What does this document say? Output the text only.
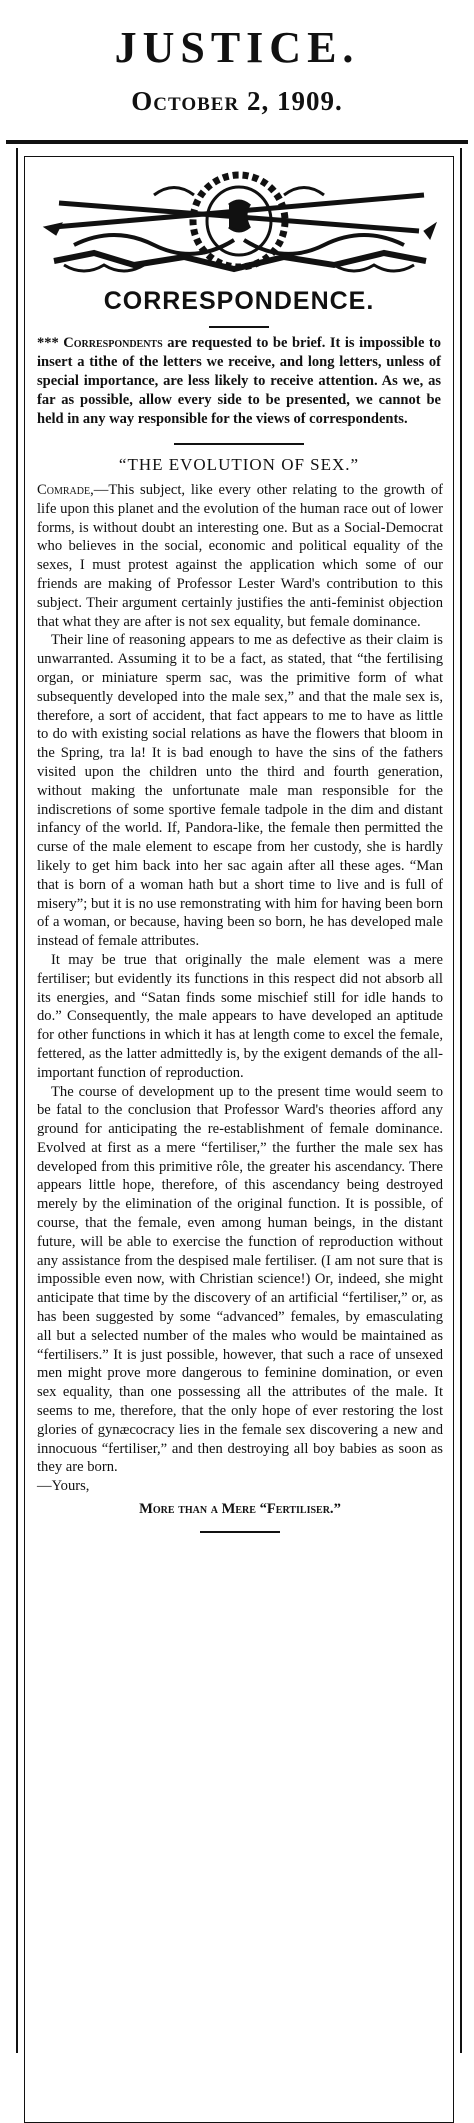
JUSTICE.
October 2, 1909.
CORRESPONDENCE.
*** Correspondents are requested to be brief. It is impossible to insert a tithe of the letters we receive, and long letters, unless of special importance, are less likely to receive attention. As we, as far as possible, allow every side to be presented, we cannot be held in any way responsible for the views of correspondents.
“THE EVOLUTION OF SEX.”

Comrade,—This subject, like every other relating to the growth of life upon this planet and the evolution of the human race out of lower forms, is without doubt an interesting one. But as a Social-Democrat who believes in the social, economic and political equality of the sexes, I must protest against the application which some of our friends are making of Professor Lester Ward's contribution to this subject. Their argument certainly justifies the anti-feminist objection that what they are after is not sex equality, but female dominance.

Their line of reasoning appears to me as defective as their claim is unwarranted. Assuming it to be a fact, as stated, that “the fertilising organ, or miniature sperm sac, was the primitive form of what subsequently developed into the male sex,” and that the male sex is, therefore, a sort of accident, that fact appears to me to have as little to do with existing social relations as have the flowers that bloom in the Spring, tra la! It is bad enough to have the sins of the fathers visited upon the children unto the third and fourth generation, without making the unfortunate male man responsible for the indiscretions of some sportive female tadpole in the dim and distant infancy of the world. If, Pandora-like, the female then permitted the curse of the male element to escape from her custody, she is hardly likely to get him back into her sac again after all these ages. “Man that is born of a woman hath but a short time to live and is full of misery”; but it is no use remonstrating with him for having been born of a woman, or because, having been so born, he has developed male instead of female attributes.

It may be true that originally the male element was a mere fertiliser; but evidently its functions in this respect did not absorb all its energies, and “Satan finds some mischief still for idle hands to do.” Consequently, the male appears to have developed an aptitude for other functions in which it has at length come to excel the female, fettered, as the latter admittedly is, by the exigent demands of the all-important function of reproduction.

The course of development up to the present time would seem to be fatal to the conclusion that Professor Ward's theories afford any ground for anticipating the re-establishment of female dominance. Evolved at first as a mere “fertiliser,” the further the male sex has developed from this primitive rôle, the greater his ascendancy. There appears little hope, therefore, of this ascendancy being destroyed merely by the elimination of the original function. It is possible, of course, that the female, even among human beings, in the distant future, will be able to exercise the function of reproduction without any assistance from the despised male fertiliser. (I am not sure that is impossible even now, with Christian science!) Or, indeed, she might anticipate that time by the discovery of an artificial “fertiliser,” or, as has been suggested by some “advanced” females, by emasculating all but a selected number of the males who would be maintained as “fertilisers.” It is just possible, however, that such a race of unsexed men might prove more dangerous to feminine domination, or even sex equality, than one possessing all the attributes of the male. It seems to me, therefore, that the only hope of ever restoring the lost glories of gynæcocracy lies in the female sex discovering a new and innocuous “fertiliser,” and then destroying all boy babies as soon as they are born.

—Yours,

More than a Mere “Fertiliser.”
